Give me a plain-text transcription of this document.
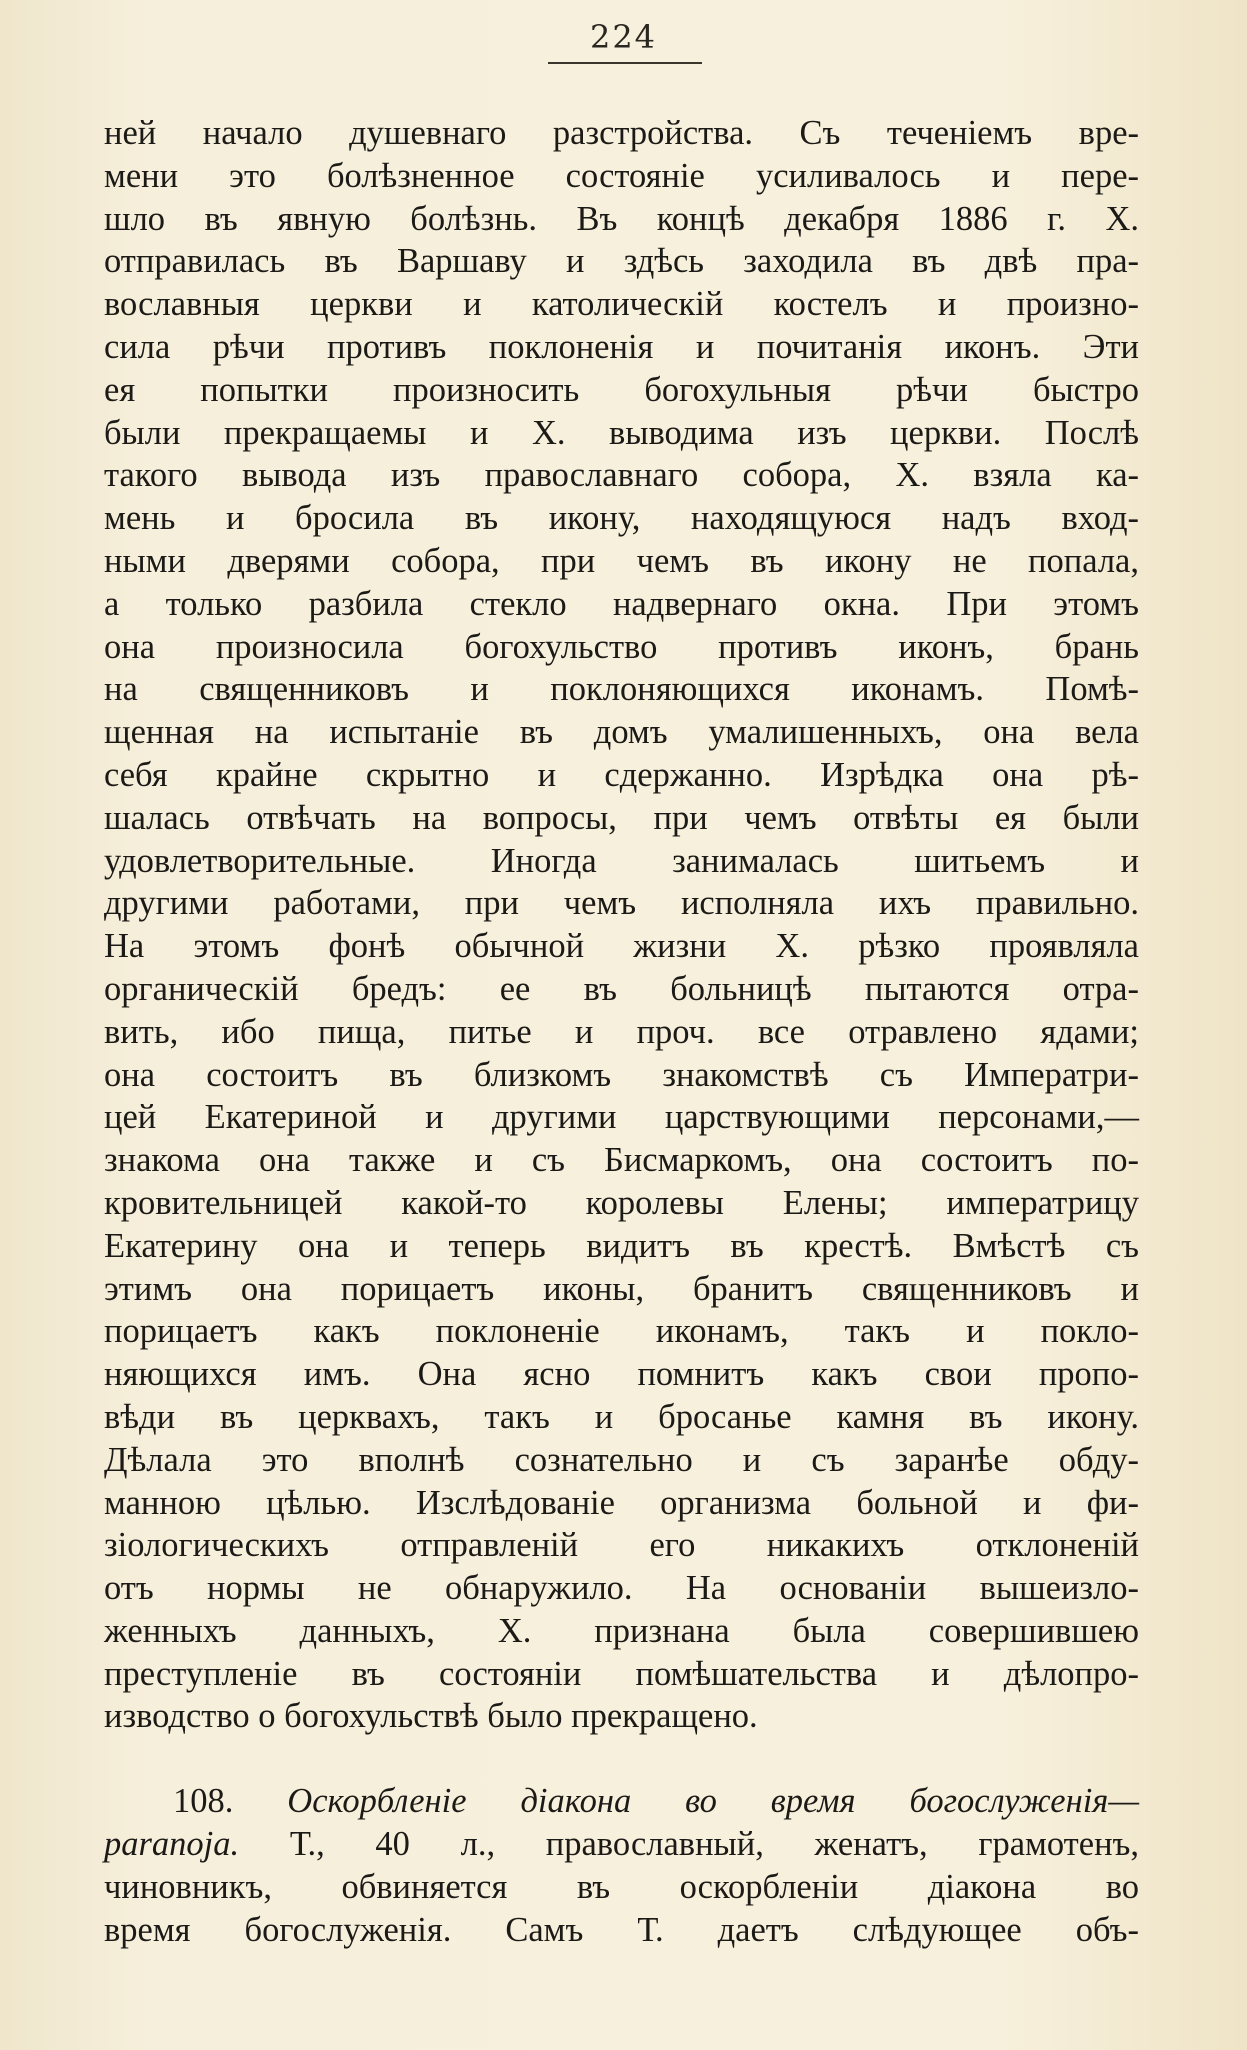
224
ней начало душевнаго разстройства. Съ теченіемъ вре-
мени это болѣзненное состояніе усиливалось и пере-
шло въ явную болѣзнь. Въ концѣ декабря 1886 г. Х.
отправилась въ Варшаву и здѣсь заходила въ двѣ пра-
вославныя церкви и католическій костелъ и произно-
сила рѣчи противъ поклоненія и почитанія иконъ. Эти
ея попытки произносить богохульныя рѣчи быстро
были прекращаемы и Х. выводима изъ церкви. Послѣ
такого вывода изъ православнаго собора, Х. взяла ка-
мень и бросила въ икону, находящуюся надъ вход-
ными дверями собора, при чемъ въ икону не попала,
а только разбила стекло надвернаго окна. При этомъ
она произносила богохульство противъ иконъ, брань
на священниковъ и поклоняющихся иконамъ. Помѣ-
щенная на испытаніе въ домъ умалишенныхъ, она вела
себя крайне скрытно и сдержанно. Изрѣдка она рѣ-
шалась отвѣчать на вопросы, при чемъ отвѣты ея были
удовлетворительные. Иногда занималась шитьемъ и
другими работами, при чемъ исполняла ихъ правильно.
На этомъ фонѣ обычной жизни Х. рѣзко проявляла
органическій бредъ: ее въ больницѣ пытаются отра-
вить, ибо пища, питье и проч. все отравлено ядами;
она состоитъ въ близкомъ знакомствѣ съ Императри-
цей Екатериной и другими царствующими персонами,—
знакома она также и съ Бисмаркомъ, она состоитъ по-
кровительницей какой-то королевы Елены; императрицу
Екатерину она и теперь видитъ въ крестѣ. Вмѣстѣ съ
этимъ она порицаетъ иконы, бранитъ священниковъ и
порицаетъ какъ поклоненіе иконамъ, такъ и покло-
няющихся имъ. Она ясно помнитъ какъ свои пропо-
вѣди въ церквахъ, такъ и бросанье камня въ икону.
Дѣлала это вполнѣ сознательно и съ заранѣе обду-
манною цѣлью. Изслѣдованіе организма больной и фи-
зіологическихъ отправленій его никакихъ отклоненій
отъ нормы не обнаружило. На основаніи вышеизло-
женныхъ данныхъ, Х. признана была совершившею
преступленіе въ состояніи помѣшательства и дѣлопро-
изводство о богохульствѣ было прекращено.
  108. Оскорбленіе діакона во время богослуженія—
paranoja. Т., 40 л., православный, женатъ, грамотенъ,
чиновникъ, обвиняется въ оскорбленіи діакона во
время богослуженія. Самъ Т. даетъ слѣдующее объ-
